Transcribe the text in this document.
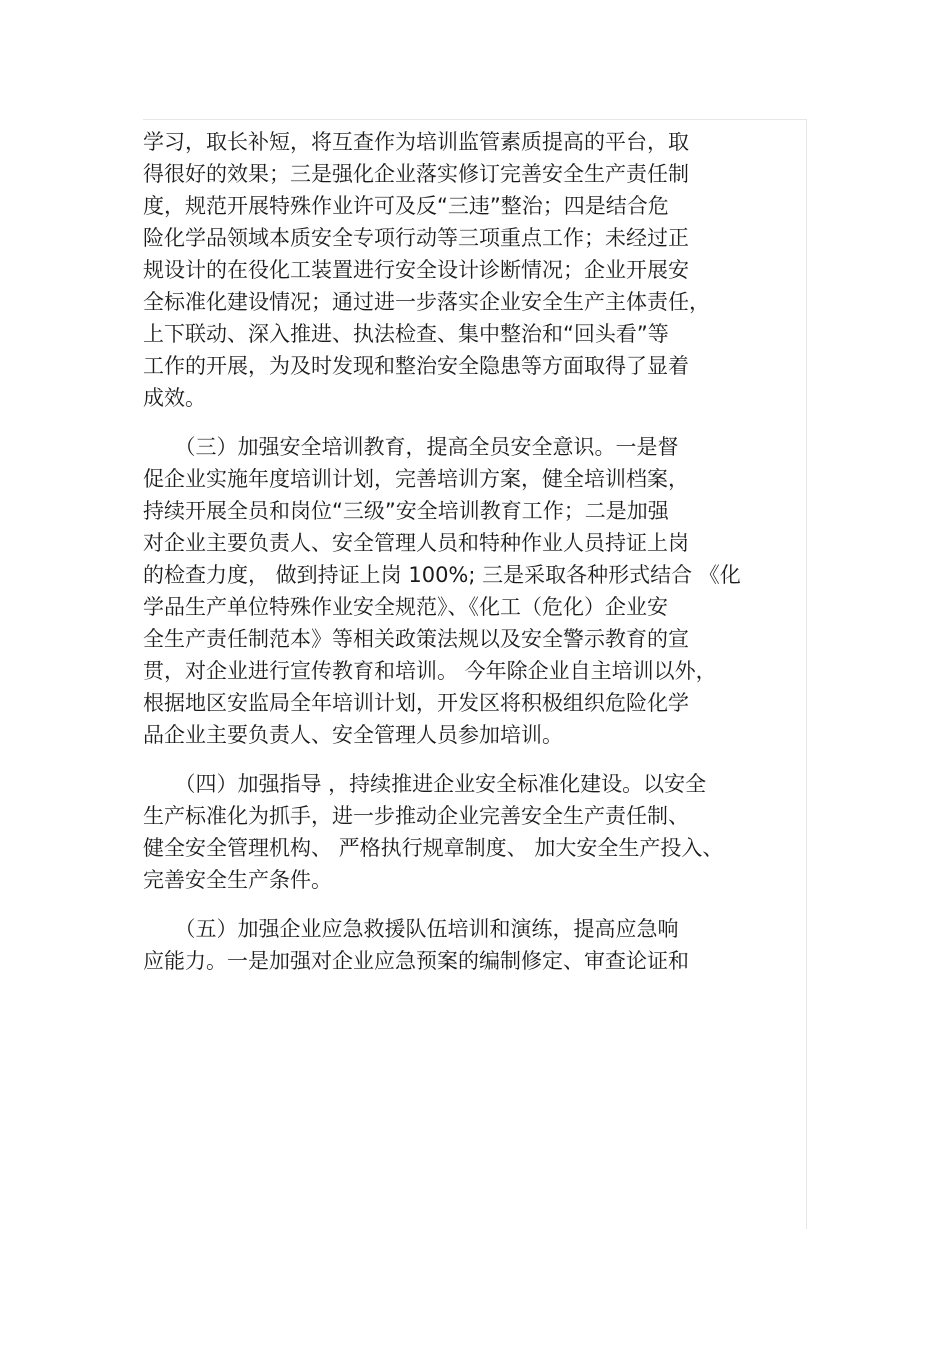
学习，取长补短，将互查作为培训监管素质提高的平台，取
得很好的效果；三是强化企业落实修订完善安全生产责任制
度，规范开展特殊作业许可及反“三违”整治；四是结合危
险化学品领域本质安全专项行动等三项重点工作；未经过正
规设计的在役化工装置进行安全设计诊断情况；企业开展安
全标准化建设情况；通过进一步落实企业安全生产主体责任，
上下联动、深入推进、执法检查、集中整治和“回头看”等
工作的开展，为及时发现和整治安全隐患等方面取得了显着
成效。
　　（三）加强安全培训教育，提高全员安全意识。一是督
促企业实施年度培训计划，完善培训方案，健全培训档案，
持续开展全员和岗位“三级”安全培训教育工作；二是加强
对企业主要负责人、安全管理人员和特种作业人员持证上岗
的检查力度， 做到持证上岗 100%; 三是采取各种形式结合 《化
学品生产单位特殊作业安全规范》、《化工（危化）企业安
全生产责任制范本》等相关政策法规以及安全警示教育的宣
贯，对企业进行宣传教育和培训。 今年除企业自主培训以外，
根据地区安监局全年培训计划，开发区将积极组织危险化学
品企业主要负责人、安全管理人员参加培训。
　　（四）加强指导 ，持续推进企业安全标准化建设。以安全
生产标准化为抓手，进一步推动企业完善安全生产责任制、
健全安全管理机构、 严格执行规章制度、 加大安全生产投入、
完善安全生产条件。
　　（五）加强企业应急救援队伍培训和演练，提高应急响
应能力。一是加强对企业应急预案的编制修定、审查论证和
